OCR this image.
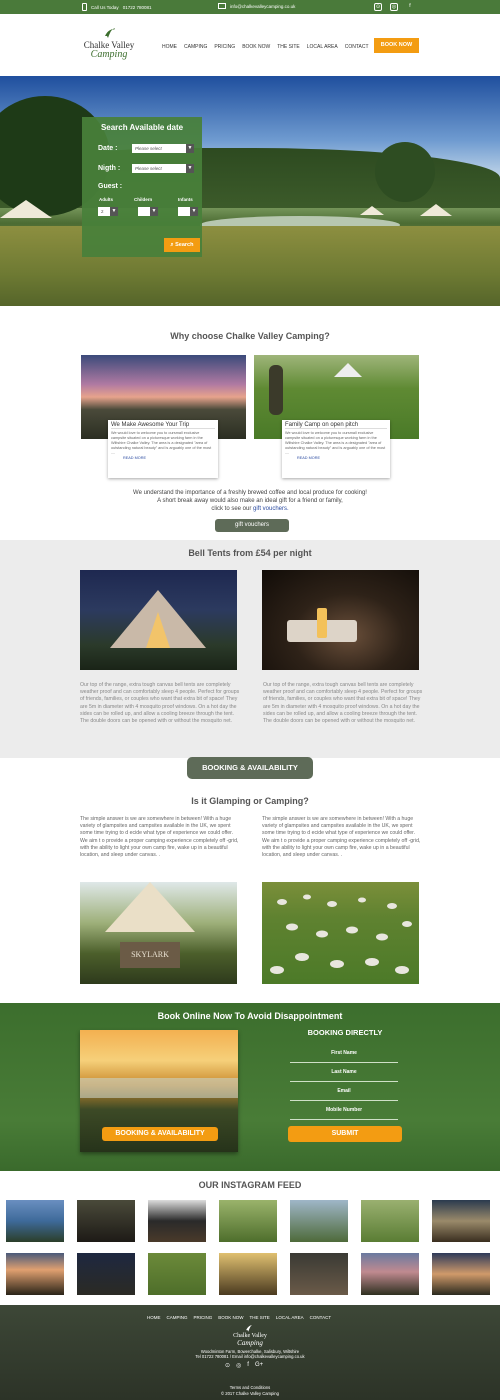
Call Us Today 01722 780081	info@chalkevalleycamping.co.uk	⊙	◎	f
Chalke Valley
Camping
HOME CAMPING PRICING BOOK NOW THE SITE LOCAL AREA CONTACT	BOOK NOW
Search Available date
Date :	Please select	▼
Nigth :	Please select	▼
Guest :
Adults	Childern	Infants
2	▼	▼	▼
⌕ Search
Why choose Chalke Valley Camping?
We Make Awesome Your Trip
We would love to welcome you to oursmall exclusive campsite situated on a picturesque working farm in the Wiltshire Chalke Valley. The area is a designated "area of outstanding natural beauty" and is arguably one of the most ....
READ MORE
Family Camp on open pitch
We would love to welcome you to oursmall exclusive campsite situated on a picturesque working farm in the Wiltshire Chalke Valley. The area is a designated "area of outstanding natural beauty" and is arguably one of the most ....
READ MORE
We understand the importance of a freshly brewed coffee and local produce for cooking!
A short break away would also make an ideal gift for a friend or family,
click to see our gift vouchers.
gift vouchers
Bell Tents from £54 per night
Our top of the range, extra tough canvas bell tents are completely weather proof and can comfortably sleep 4 people. Perfect for groups of friends, families, or couples who want that extra bit of space! They are 5m in diameter with 4 mosquito proof windows. On a hot day the sides can be rolled up, and allow a cooling breeze through the tent. The double doors can be opened with or without the mosquito net.
Our top of the range, extra tough canvas bell tents are completely weather proof and can comfortably sleep 4 people. Perfect for groups of friends, families, or couples who want that extra bit of space! They are 5m in diameter with 4 mosquito proof windows. On a hot day the sides can be rolled up, and allow a cooling breeze through the tent. The double doors can be opened with or without the mosquito net.
BOOKING & AVAILABILITY
Is it Glamping or Camping?
The simple answer is we are somewhere in between! With a huge variety of glampsites and campsites available in the UK, we spent some time trying to d ecide what type of experience we could offer. We aim t o provide a proper camping experience completely off -grid, with the ability to light your own camp fire, wake up in a beautiful location, and sleep under canvas. .
The simple answer is we are somewhere in between! With a huge variety of glampsites and campsites available in the UK, we spent some time trying to d ecide what type of experience we could offer. We aim t o provide a proper camping experience completely off -grid, with the ability to light your own camp fire, wake up in a beautiful location, and sleep under canvas. .
SKYLARK
Book Online Now To Avoid Disappointment
BOOKING & AVAILABILITY
BOOKING DIRECTLY
First Name
Last Name
Email
Mobile Number
SUBMIT
OUR INSTAGRAM FEED
HOME CAMPING PRICING BOOK NOW THE SITE LOCAL AREA CONTACT
Chalke Valley
Camping
Woodminton Farm, Bowerchalke, Salisbury, Wiltshire
Tel 01722 780081 / Email info@chalkevalleycamping.co.uk
⊙ ◎ f G+
Terms and Conditions
© 2017 Chalke Valley Camping
